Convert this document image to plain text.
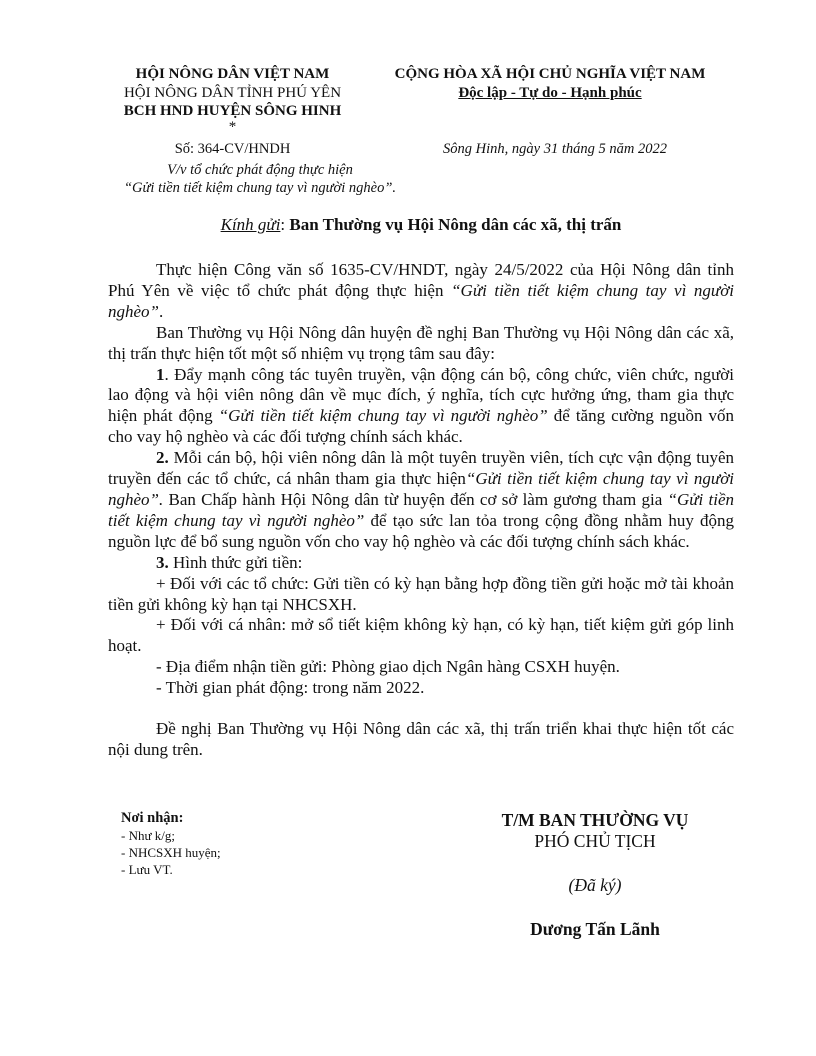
HỘI NÔNG DÂN VIỆT NAM
HỘI NÔNG DÂN TỈNH PHÚ YÊN
BCH HND HUYỆN SÔNG HINH
*
CỘNG HÒA XÃ HỘI CHỦ NGHĨA VIỆT NAM
Độc lập - Tự do - Hạnh phúc
Số: 364-CV/HNDH
V/v tổ chức phát động thực hiện
“Gửi tiền tiết kiệm chung tay vì người nghèo”.
Sông Hinh, ngày 31 tháng 5 năm 2022
Kính gửi: Ban Thường vụ Hội Nông dân các xã, thị trấn

Thực hiện Công văn số 1635-CV/HNDT, ngày 24/5/2022 của Hội Nông dân tỉnh Phú Yên về việc tổ chức phát động thực hiện “Gửi tiền tiết kiệm chung tay vì người nghèo”.

Ban Thường vụ Hội Nông dân huyện đề nghị Ban Thường vụ Hội Nông dân các xã, thị trấn thực hiện tốt một số nhiệm vụ trọng tâm sau đây:

1. Đẩy mạnh công tác tuyên truyền, vận động cán bộ, công chức, viên chức, người lao động và hội viên nông dân về mục đích, ý nghĩa, tích cực hưởng ứng, tham gia thực hiện phát động “Gửi tiền tiết kiệm chung tay vì người nghèo” để tăng cường nguồn vốn cho vay hộ nghèo và các đối tượng chính sách khác.

2. Mỗi cán bộ, hội viên nông dân là một tuyên truyền viên, tích cực vận động tuyên truyền đến các tổ chức, cá nhân tham gia thực hiện“Gửi tiền tiết kiệm chung tay vì người nghèo”. Ban Chấp hành Hội Nông dân từ huyện đến cơ sở làm gương tham gia “Gửi tiền tiết kiệm chung tay vì người nghèo” để tạo sức lan tỏa trong cộng đồng nhằm huy động nguồn lực để bổ sung nguồn vốn cho vay hộ nghèo và các đối tượng chính sách khác.

3. Hình thức gửi tiền:

+ Đối với các tổ chức: Gửi tiền có kỳ hạn bằng hợp đồng tiền gửi hoặc mở tài khoản tiền gửi không kỳ hạn tại NHCSXH.

+ Đối với cá nhân: mở sổ tiết kiệm không kỳ hạn, có kỳ hạn, tiết kiệm gửi góp linh hoạt.

- Địa điểm nhận tiền gửi: Phòng giao dịch Ngân hàng CSXH huyện.

- Thời gian phát động: trong năm 2022.

Đề nghị Ban Thường vụ Hội Nông dân các xã, thị trấn triển khai thực hiện tốt các nội dung trên.

Nơi nhận:
- Như k/g;
- NHCSXH huyện;
- Lưu VT.
T/M BAN THƯỜNG VỤ
PHÓ CHỦ TỊCH
(Đã ký)
Dương Tấn Lãnh
